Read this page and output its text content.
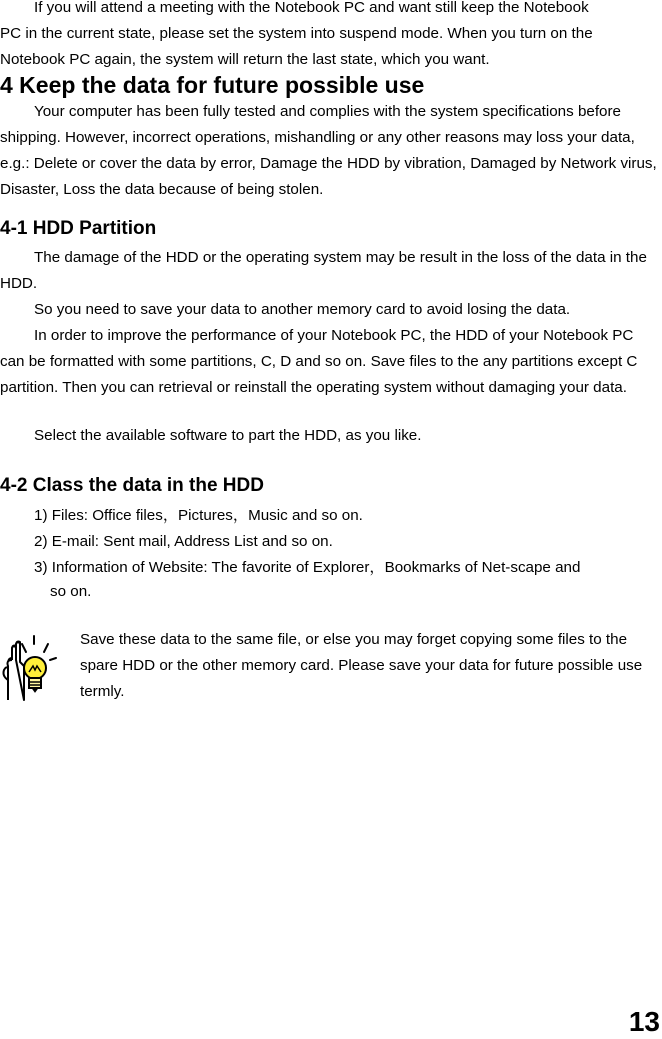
If you will attend a meeting with the Notebook PC and want still keep the Notebook

PC in the current state, please set the system into suspend mode. When you turn on the

Notebook PC again, the system will return the last state, which you want.

4 Keep the data for future possible use

Your computer has been fully tested and complies with the system specifications before shipping. However, incorrect operations, mishandling or any other reasons may loss your data, e.g.: Delete or cover the data by error, Damage the HDD by vibration, Damaged by Network virus, Disaster, Loss the data because of being stolen.

4-1 HDD Partition

The damage of the HDD or the operating system may be result in the loss of the data in the HDD.

So you need to save your data to another memory card to avoid losing the data.

In order to improve the performance of your Notebook PC, the HDD of your Notebook PC can be formatted with some partitions, C, D and so on. Save files to the any partitions except C partition. Then you can retrieval or reinstall the operating system without damaging your data.

Select the available software to part the HDD, as you like.

4-2 Class the data in the HDD

1) Files: Office files，Pictures，Music and so on.

2) E-mail: Sent mail, Address List and so on.

3) Information of Website: The favorite of Explorer，Bookmarks of Net-scape and

so on.

Save these data to the same file, or else you may forget copying some files to the spare HDD or the other memory card. Please save your data for future possible use termly.

13
